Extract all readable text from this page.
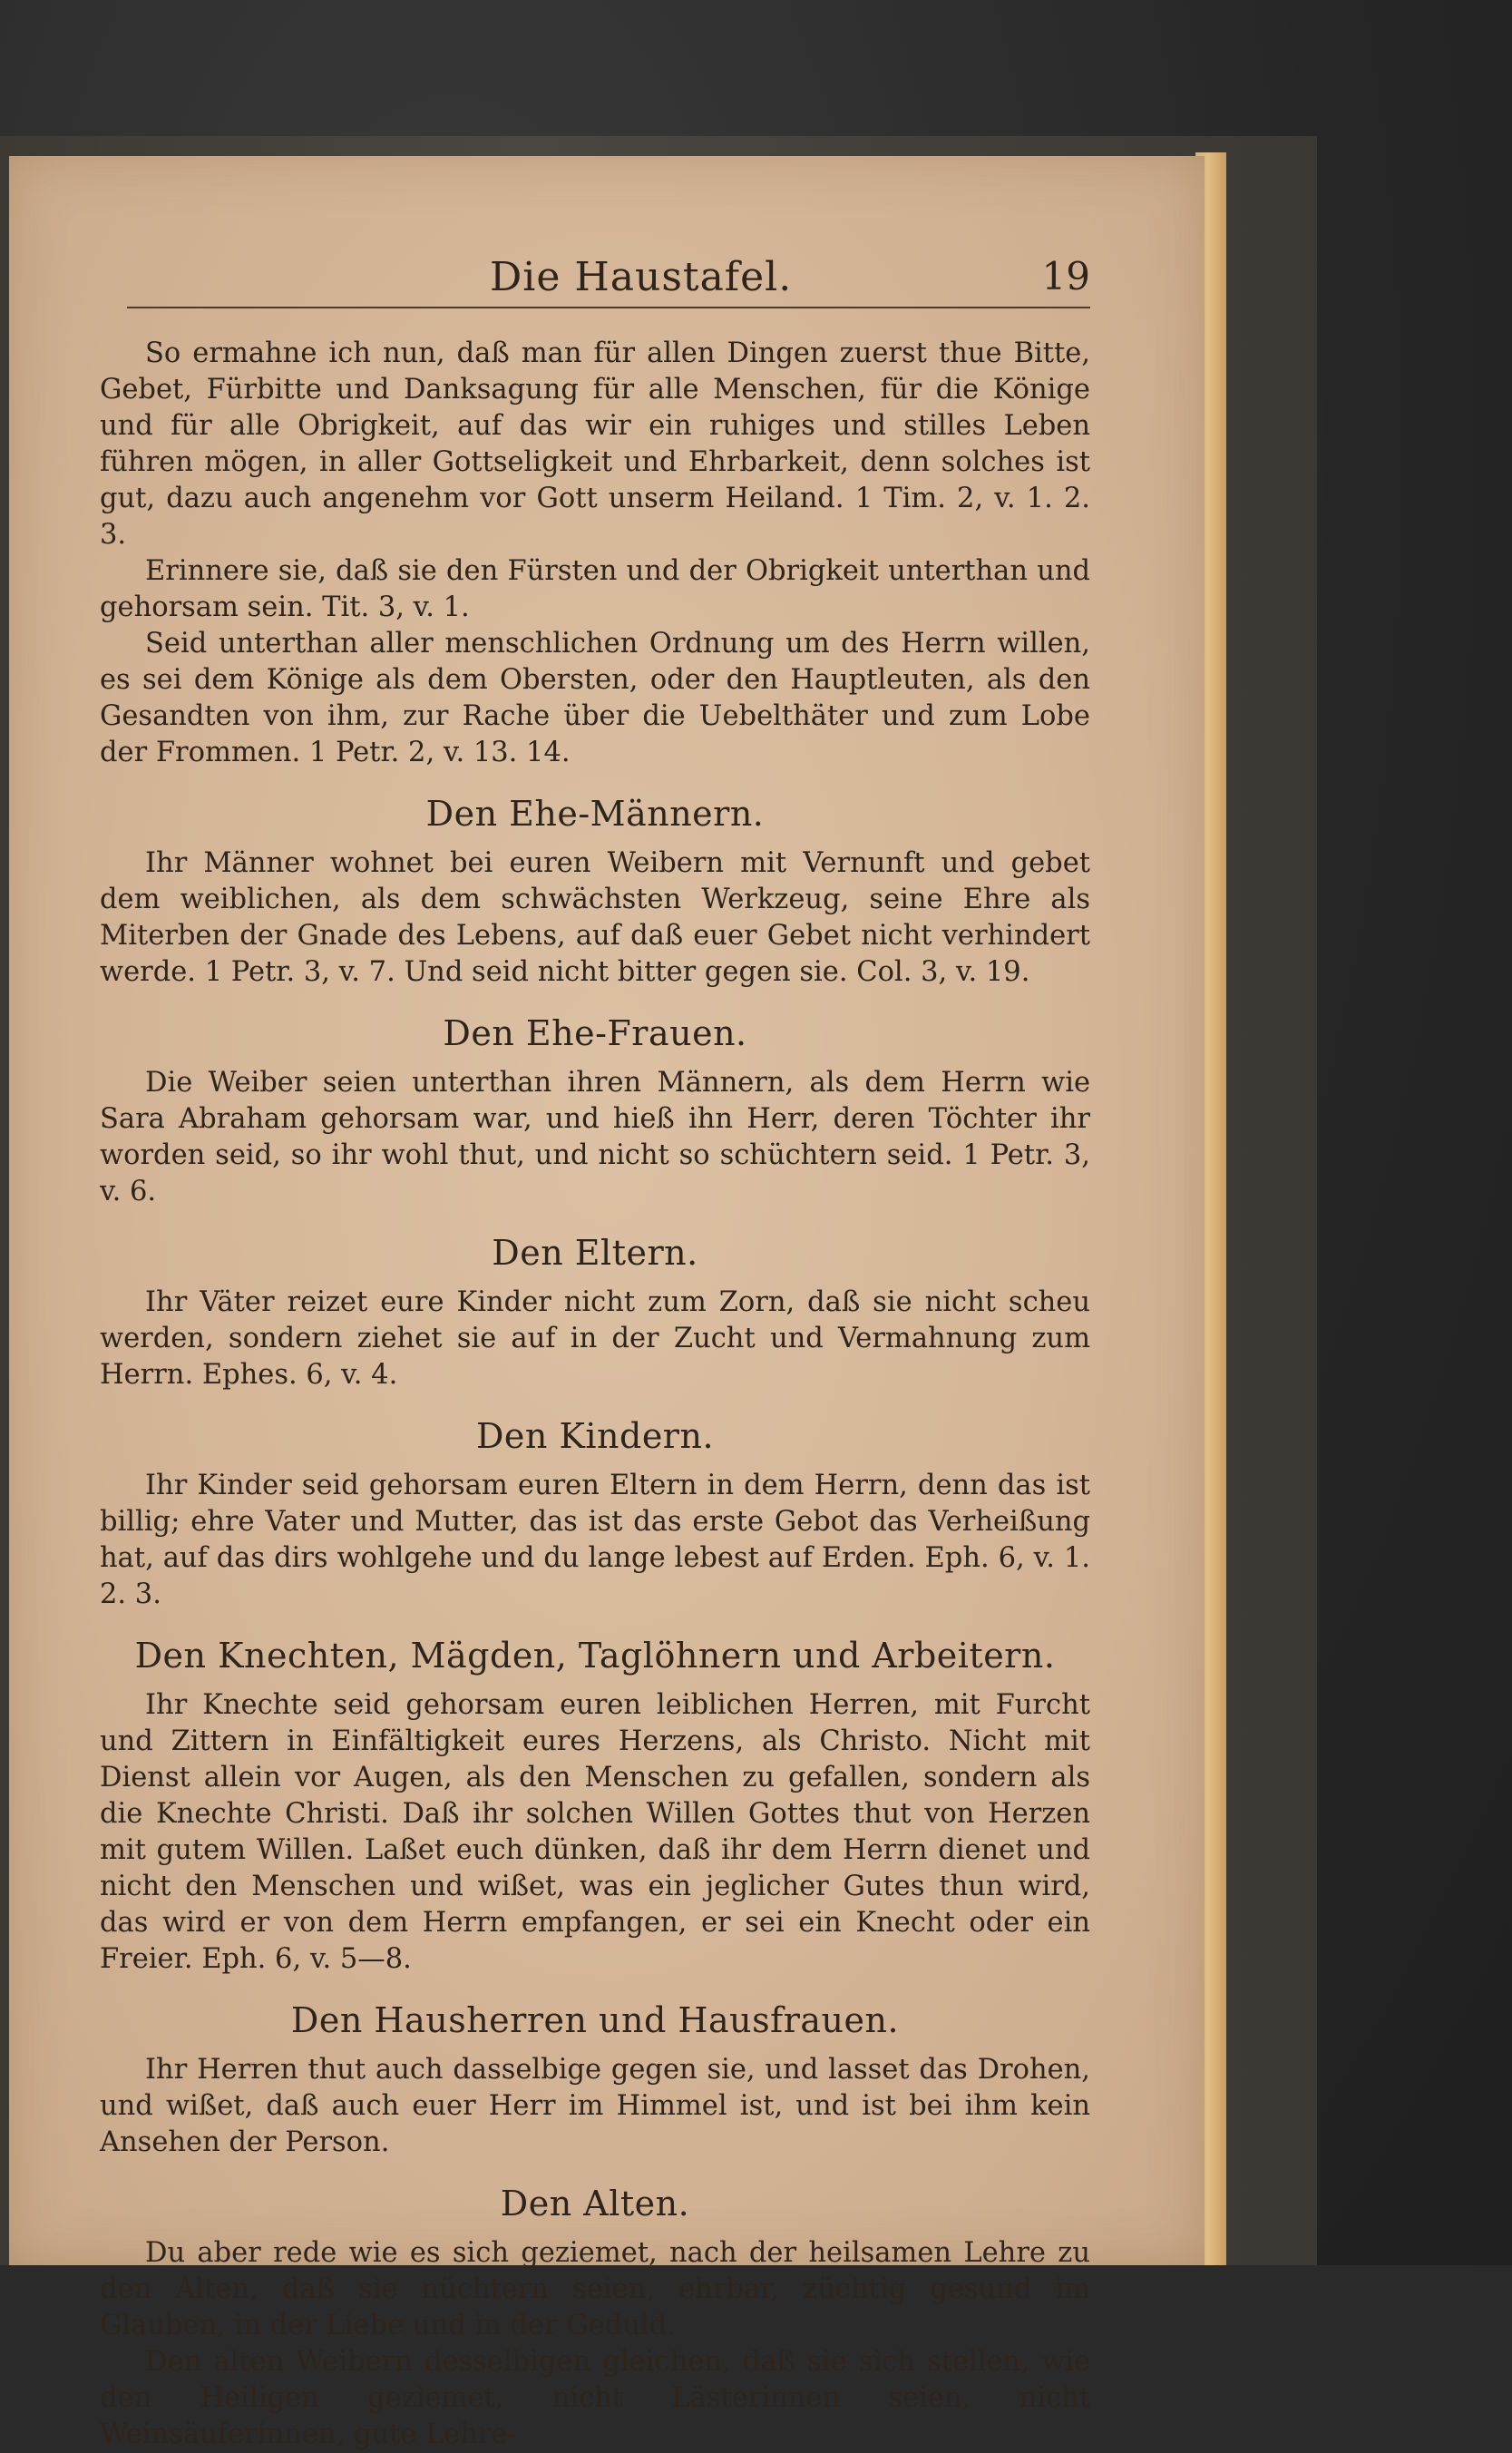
Die Haustafel.	19

So ermahne ich nun, daß man für allen Dingen zuerst thue Bitte, Gebet, Fürbitte und Danksagung für alle Menschen, für die Könige und für alle Obrigkeit, auf das wir ein ruhiges und stilles Leben führen mögen, in aller Gottseligkeit und Ehrbarkeit, denn solches ist gut, dazu auch angenehm vor Gott unserm Heiland. 1 Tim. 2, v. 1. 2. 3.

Erinnere sie, daß sie den Fürsten und der Obrigkeit unterthan und gehorsam sein. Tit. 3, v. 1.

Seid unterthan aller menschlichen Ordnung um des Herrn willen, es sei dem Könige als dem Obersten, oder den Hauptleuten, als den Gesandten von ihm, zur Rache über die Uebelthäter und zum Lobe der Frommen. 1 Petr. 2, v. 13. 14.

Den Ehe-Männern.

Ihr Männer wohnet bei euren Weibern mit Vernunft und gebet dem weiblichen, als dem schwächsten Werkzeug, seine Ehre als Miterben der Gnade des Lebens, auf daß euer Gebet nicht verhindert werde. 1 Petr. 3, v. 7. Und seid nicht bitter gegen sie. Col. 3, v. 19.

Den Ehe-Frauen.

Die Weiber seien unterthan ihren Männern, als dem Herrn wie Sara Abraham gehorsam war, und hieß ihn Herr, deren Töchter ihr worden seid, so ihr wohl thut, und nicht so schüchtern seid. 1 Petr. 3, v. 6.

Den Eltern.

Ihr Väter reizet eure Kinder nicht zum Zorn, daß sie nicht scheu werden, sondern ziehet sie auf in der Zucht und Vermahnung zum Herrn. Ephes. 6, v. 4.

Den Kindern.

Ihr Kinder seid gehorsam euren Eltern in dem Herrn, denn das ist billig; ehre Vater und Mutter, das ist das erste Gebot das Verheißung hat, auf das dirs wohlgehe und du lange lebest auf Erden. Eph. 6, v. 1. 2. 3.

Den Knechten, Mägden, Taglöhnern und Arbeitern.

Ihr Knechte seid gehorsam euren leiblichen Herren, mit Furcht und Zittern in Einfältigkeit eures Herzens, als Christo. Nicht mit Dienst allein vor Augen, als den Menschen zu gefallen, sondern als die Knechte Christi. Daß ihr solchen Willen Gottes thut von Herzen mit gutem Willen. Laßet euch dünken, daß ihr dem Herrn dienet und nicht den Menschen und wißet, was ein jeglicher Gutes thun wird, das wird er von dem Herrn empfangen, er sei ein Knecht oder ein Freier. Eph. 6, v. 5—8.

Den Hausherren und Hausfrauen.

Ihr Herren thut auch dasselbige gegen sie, und lasset das Drohen, und wißet, daß auch euer Herr im Himmel ist, und ist bei ihm kein Ansehen der Person.

Den Alten.

Du aber rede wie es sich geziemet, nach der heilsamen Lehre zu den Alten, daß sie nüchtern seien, ehrbar, züchtig gesund im Glauben, in der Liebe und in der Geduld.

Den alten Weibern desselbigen gleichen, daß sie sich stellen, wie den Heiligen geziemet, nicht Lästerinnen seien, nicht Weinsäuferinnen, gute Lehre-
